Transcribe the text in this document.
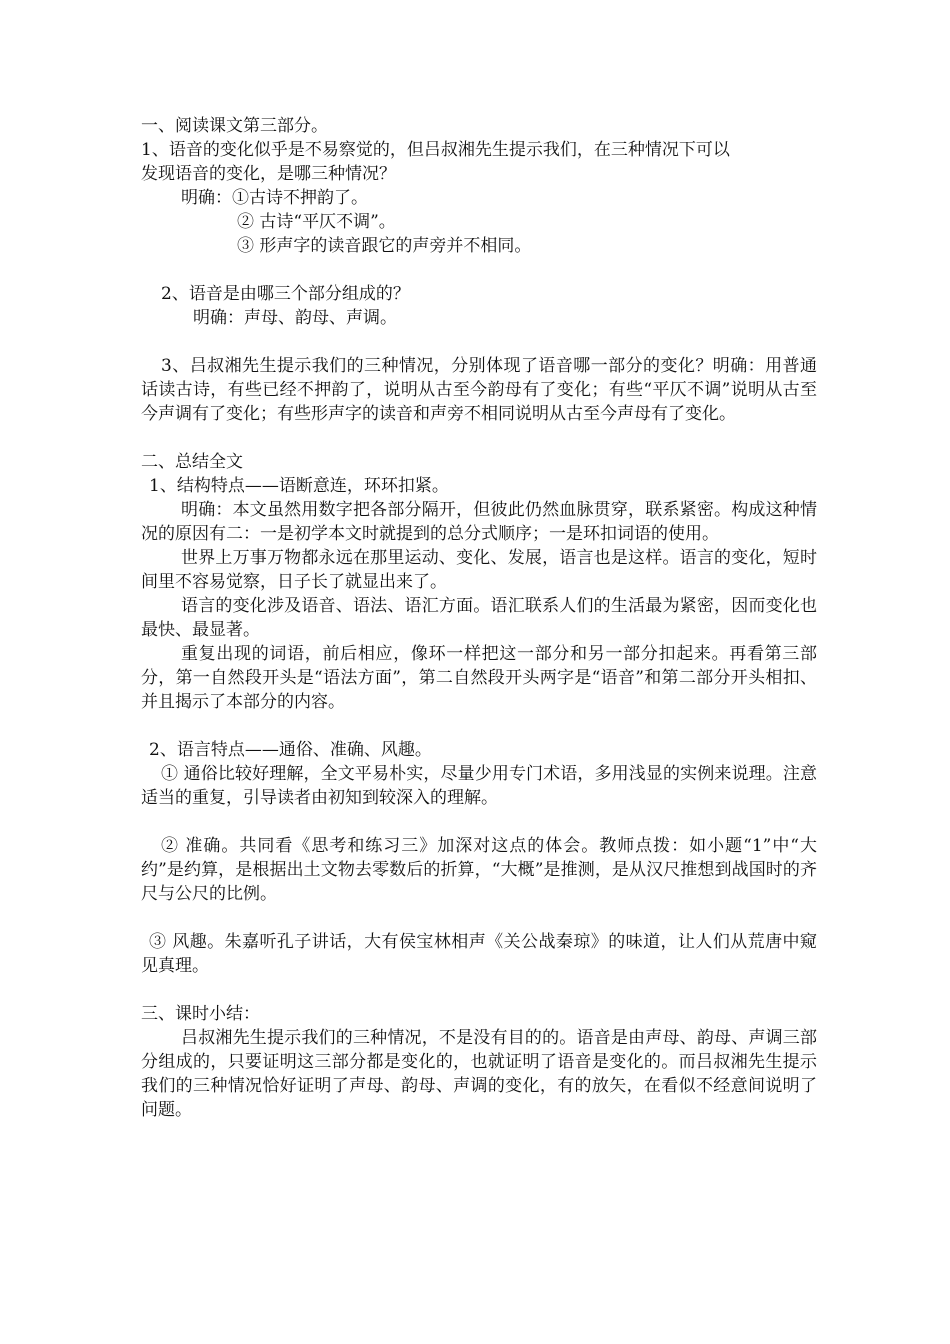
一、阅读课文第三部分。
1、语音的变化似乎是不易察觉的，但吕叔湘先生提示我们，在三种情况下可以
发现语音的变化，是哪三种情况？
明确：①古诗不押韵了。
② 古诗“平仄不调”。
③ 形声字的读音跟它的声旁并不相同。
2、语音是由哪三个部分组成的？
明确：声母、韵母、声调。
3、吕叔湘先生提示我们的三种情况，分别体现了语音哪一部分的变化？明确：用普通话读古诗，有些已经不押韵了，说明从古至今韵母有了变化；有些“平仄不调”说明从古至今声调有了变化；有些形声字的读音和声旁不相同说明从古至今声母有了变化。
二、总结全文
1、结构特点——语断意连，环环扣紧。
明确：本文虽然用数字把各部分隔开，但彼此仍然血脉贯穿，联系紧密。构成这种情况的原因有二：一是初学本文时就提到的总分式顺序；一是环扣词语的使用。
世界上万事万物都永远在那里运动、变化、发展，语言也是这样。语言的变化，短时间里不容易觉察，日子长了就显出来了。
语言的变化涉及语音、语法、语汇方面。语汇联系人们的生活最为紧密，因而变化也最快、最显著。
重复出现的词语，前后相应，像环一样把这一部分和另一部分扣起来。再看第三部分，第一自然段开头是“语法方面”，第二自然段开头两字是“语音”和第二部分开头相扣、并且揭示了本部分的内容。
2、语言特点——通俗、准确、风趣。
① 通俗比较好理解，全文平易朴实，尽量少用专门术语，多用浅显的实例来说理。注意适当的重复，引导读者由初知到较深入的理解。
② 准确。共同看《思考和练习三》加深对这点的体会。教师点拨：如小题“1”中“大约”是约算，是根据出土文物去零数后的折算，“大概”是推测，是从汉尺推想到战国时的齐尺与公尺的比例。
③ 风趣。朱嘉听孔子讲话，大有侯宝林相声《关公战秦琼》的味道，让人们从荒唐中窥见真理。
三、课时小结：
吕叔湘先生提示我们的三种情况，不是没有目的的。语音是由声母、韵母、声调三部分组成的，只要证明这三部分都是变化的，也就证明了语音是变化的。而吕叔湘先生提示我们的三种情况恰好证明了声母、韵母、声调的变化，有的放矢，在看似不经意间说明了问题。
